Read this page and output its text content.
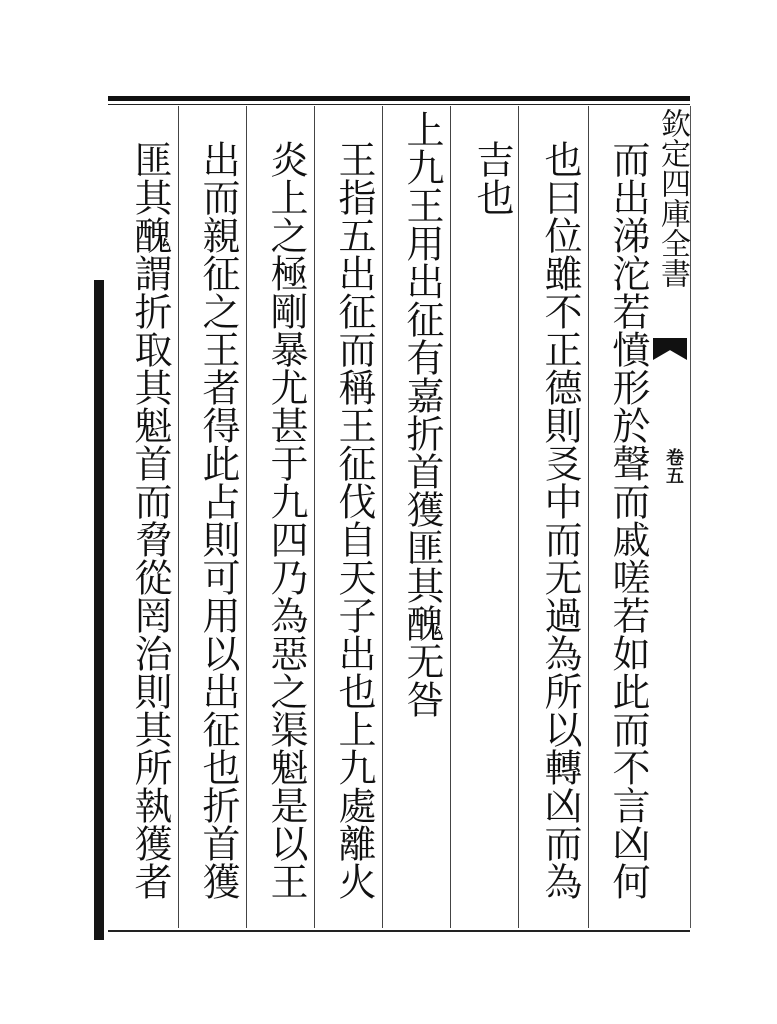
欽定四庫全書
卷五
而出涕沱若憤形於聲而戚嗟若如此而不言凶何
也曰位雖不正德則㕛中而无過為所以轉凶而為
吉也
上九王用出征有嘉折首獲匪其醜无咎
王指五出征而稱王征伐自天子出也上九處離火
炎上之極剛暴尤甚于九四乃為惡之渠魁是以王
出而親征之王者得此占則可用以出征也折首獲
匪其醜謂折取其魁首而脅從罔治則其所執獲者
